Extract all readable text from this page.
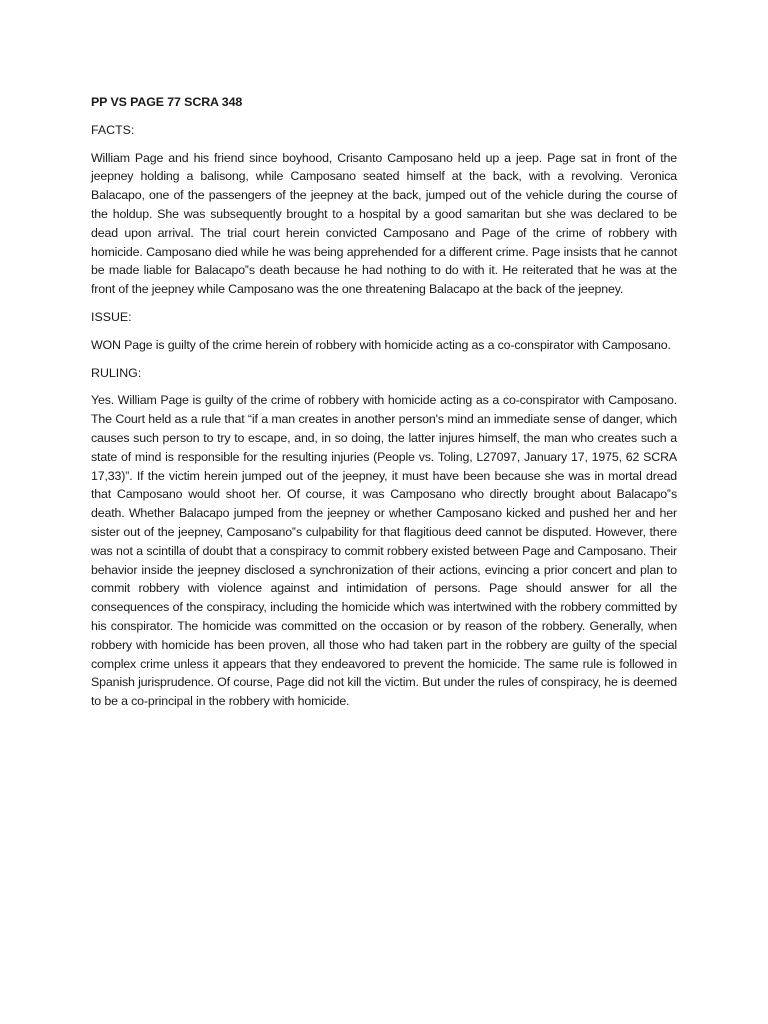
PP VS PAGE 77 SCRA 348

FACTS:

William Page and his friend since boyhood, Crisanto Camposano held up a jeep. Page sat in front of the jeepney holding a balisong, while Camposano seated himself at the back, with a revolving. Veronica Balacapo, one of the passengers of the jeepney at the back, jumped out of the vehicle during the course of the holdup. She was subsequently brought to a hospital by a good samaritan but she was declared to be dead upon arrival. The trial court herein convicted Camposano and Page of the crime of robbery with homicide. Camposano died while he was being apprehended for a different crime. Page insists that he cannot be made liable for Balacapo‟s death because he had nothing to do with it. He reiterated that he was at the front of the jeepney while Camposano was the one threatening Balacapo at the back of the jeepney.

ISSUE:

WON Page is guilty of the crime herein of robbery with homicide acting as a co-conspirator with Camposano.

RULING:

Yes. William Page is guilty of the crime of robbery with homicide acting as a co-conspirator with Camposano. The Court held as a rule that “if a man creates in another person's mind an immediate sense of danger, which causes such person to try to escape, and, in so doing, the latter injures himself, the man who creates such a state of mind is responsible for the resulting injuries (People vs. Toling, L27097, January 17, 1975, 62 SCRA 17,33)”. If the victim herein jumped out of the jeepney, it must have been because she was in mortal dread that Camposano would shoot her. Of course, it was Camposano who directly brought about Balacapo‟s death. Whether Balacapo jumped from the jeepney or whether Camposano kicked and pushed her and her sister out of the jeepney, Camposano‟s culpability for that flagitious deed cannot be disputed. However, there was not a scintilla of doubt that a conspiracy to commit robbery existed between Page and Camposano. Their behavior inside the jeepney disclosed a synchronization of their actions, evincing a prior concert and plan to commit robbery with violence against and intimidation of persons. Page should answer for all the consequences of the conspiracy, including the homicide which was intertwined with the robbery committed by his conspirator. The homicide was committed on the occasion or by reason of the robbery. Generally, when robbery with homicide has been proven, all those who had taken part in the robbery are guilty of the special complex crime unless it appears that they endeavored to prevent the homicide. The same rule is followed in Spanish jurisprudence. Of course, Page did not kill the victim. But under the rules of conspiracy, he is deemed to be a co-principal in the robbery with homicide.
